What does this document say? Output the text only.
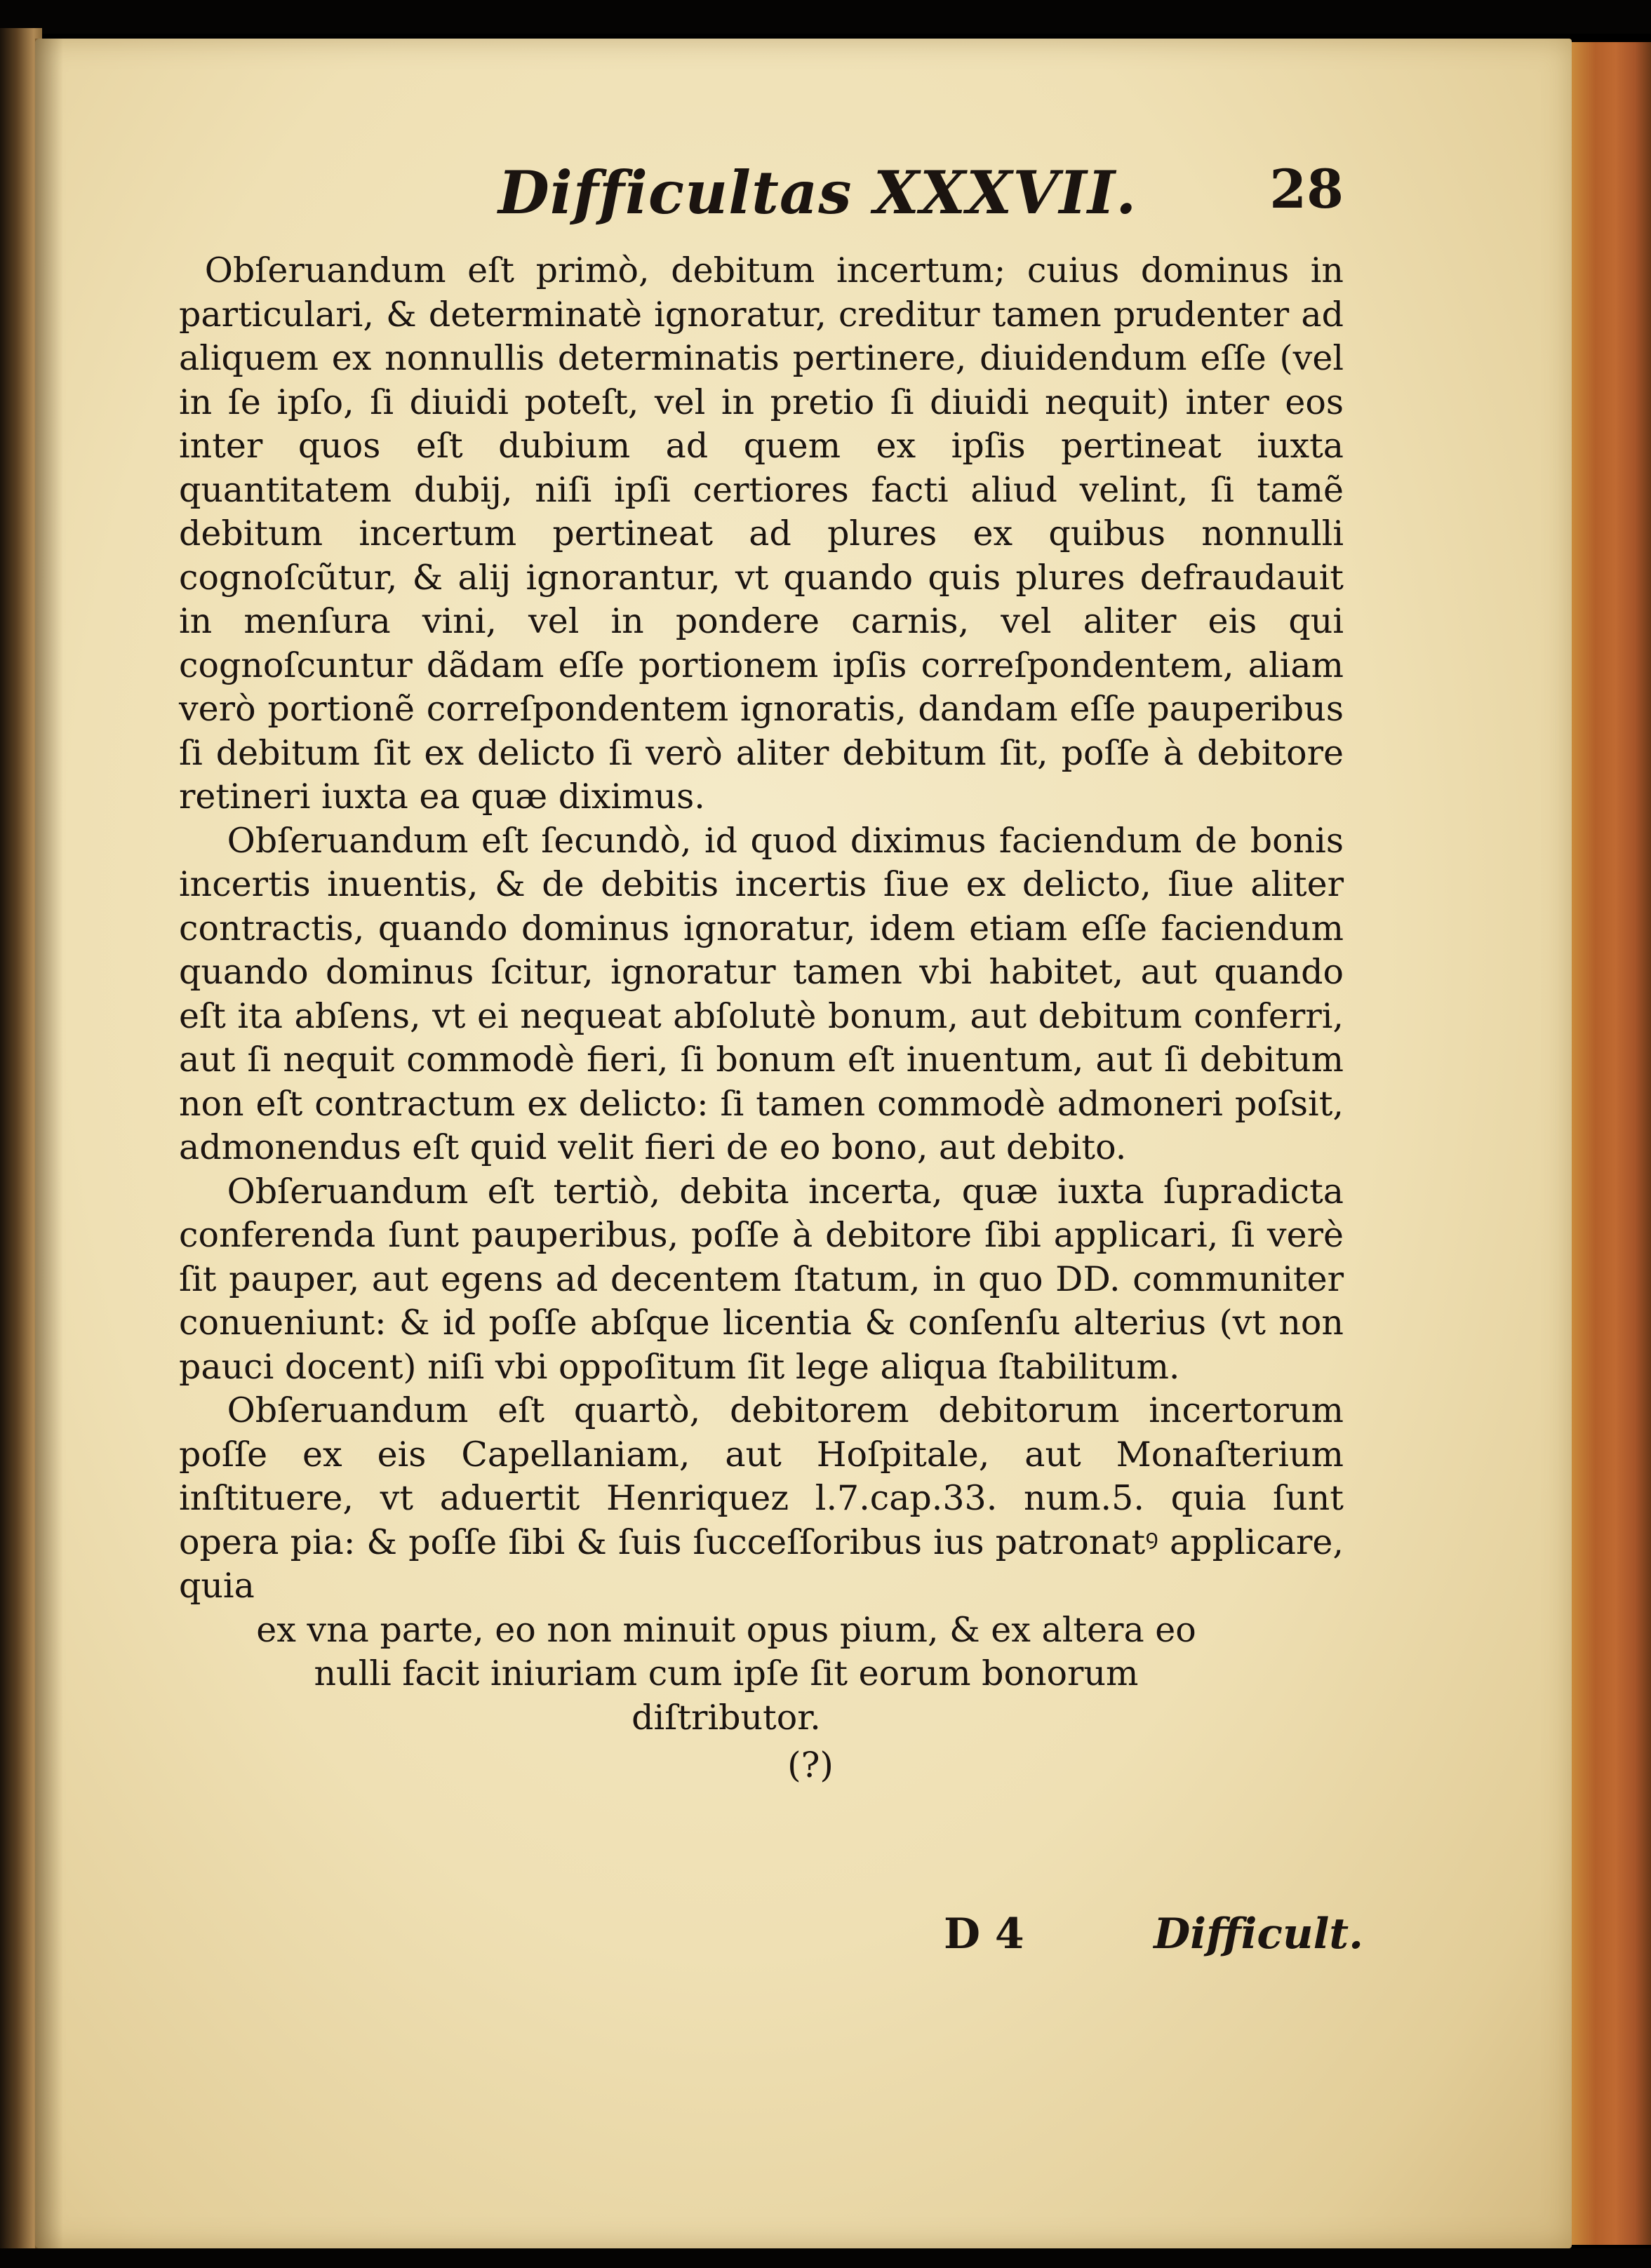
Difficultas XXXVII. 28

Obſeruandum eſt primò, debitum incertum; cuius dominus in particulari, & determinatè ignoratur, creditur tamen prudenter ad aliquem ex nonnullis determinatis pertinere, diuidendum eſſe (vel in ſe ipſo, ſi diuidi poteſt, vel in pretio ſi diuidi nequit) inter eos inter quos eſt dubium ad quem ex ipſis pertineat iuxta quantitatem dubij, niſi ipſi certiores facti aliud velint, ſi tamẽ debitum incertum pertineat ad plures ex quibus nonnulli cognoſcũtur, & alij ignorantur, vt quando quis plures defraudauit in menſura vini, vel in pondere carnis, vel aliter eis qui cognoſcuntur dãdam eſſe portionem ipſis correſpondentem, aliam verò portionẽ correſpondentem ignoratis, dandam eſſe pauperibus ſi debitum ſit ex delicto ſi verò aliter debitum ſit, poſſe à debitore retineri iuxta ea quæ diximus.

Obſeruandum eſt ſecundò, id quod diximus faciendum de bonis incertis inuentis, & de debitis incertis ſiue ex delicto, ſiue aliter contractis, quando dominus ignoratur, idem etiam eſſe faciendum quando dominus ſcitur, ignoratur tamen vbi habitet, aut quando eſt ita abſens, vt ei nequeat abſolutè bonum, aut debitum conferri, aut ſi nequit commodè fieri, ſi bonum eſt inuentum, aut ſi debitum non eſt contractum ex delicto: ſi tamen commodè admoneri poſsit, admonendus eſt quid velit fieri de eo bono, aut debito.

Obſeruandum eſt tertiò, debita incerta, quæ iuxta ſupradicta conferenda ſunt pauperibus, poſſe à debitore ſibi applicari, ſi verè ſit pauper, aut egens ad decentem ſtatum, in quo DD. communiter conueniunt: & id poſſe abſque licentia & conſenſu alterius (vt non pauci docent) niſi vbi oppoſitum ſit lege aliqua ſtabilitum.

Obſeruandum eſt quartò, debitorem debitorum incertorum poſſe ex eis Capellaniam, aut Hoſpitale, aut Monaſterium inſtituere, vt aduertit Henriquez l.7.cap.33. num.5. quia ſunt opera pia: & poſſe ſibi & ſuis ſucceſſoribus ius patronatꝰ applicare, quia

ex vna parte, eo non minuit opus pium, & ex altera eo nulli facit iniuriam cum ipſe ſit eorum bonorum diſtributor.

(?)

D 4	Difficult.
